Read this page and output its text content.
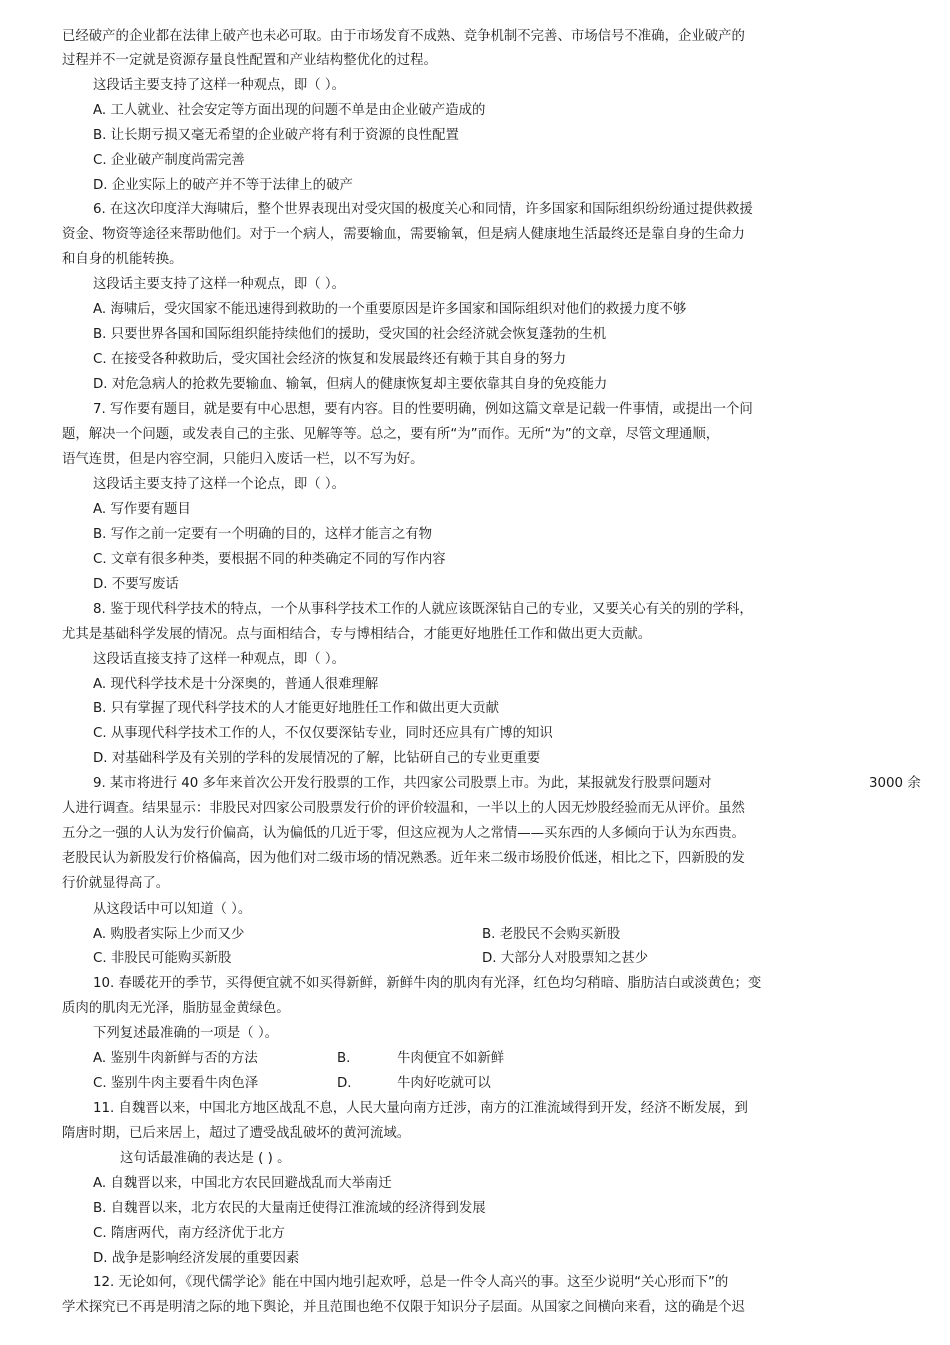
已经破产的企业都在法律上破产也未必可取。由于市场发育不成熟、竞争机制不完善、市场信号不准确，企业破产的
过程并不一定就是资源存量良性配置和产业结构整优化的过程。
这段话主要支持了这样一种观点，即（ ）。
A. 工人就业、社会安定等方面出现的问题不单是由企业破产造成的
B. 让长期亏损又毫无希望的企业破产将有利于资源的良性配置
C. 企业破产制度尚需完善
D. 企业实际上的破产并不等于法律上的破产
6. 在这次印度洋大海啸后，整个世界表现出对受灾国的极度关心和同情，许多国家和国际组织纷纷通过提供救援
资金、物资等途径来帮助他们。对于一个病人，需要输血，需要输氧，但是病人健康地生活最终还是靠自身的生命力
和自身的机能转换。
这段话主要支持了这样一种观点，即（ ）。
A. 海啸后，受灾国家不能迅速得到救助的一个重要原因是许多国家和国际组织对他们的救援力度不够
B. 只要世界各国和国际组织能持续他们的援助，受灾国的社会经济就会恢复蓬勃的生机
C. 在接受各种救助后，受灾国社会经济的恢复和发展最终还有赖于其自身的努力
D. 对危急病人的抢救先要输血、输氧，但病人的健康恢复却主要依靠其自身的免疫能力
7. 写作要有题目，就是要有中心思想，要有内容。目的性要明确，例如这篇文章是记载一件事情，或提出一个问
题，解决一个问题，或发表自己的主张、见解等等。总之，要有所“为”而作。无所“为”的文章，尽管文理通顺，
语气连贯，但是内容空洞，只能归入废话一栏，以不写为好。
这段话主要支持了这样一个论点，即（ ）。
A. 写作要有题目
B. 写作之前一定要有一个明确的目的，这样才能言之有物
C. 文章有很多种类，要根据不同的种类确定不同的写作内容
D. 不要写废话
8. 鉴于现代科学技术的特点，一个从事科学技术工作的人就应该既深钻自己的专业，又要关心有关的别的学科，
尤其是基础科学发展的情况。点与面相结合，专与博相结合，才能更好地胜任工作和做出更大贡献。
这段话直接支持了这样一种观点，即（ ）。
A. 现代科学技术是十分深奥的，普通人很难理解
B. 只有掌握了现代科学技术的人才能更好地胜任工作和做出更大贡献
C. 从事现代科学技术工作的人，不仅仅要深钻专业，同时还应具有广博的知识
D. 对基础科学及有关别的学科的发展情况的了解，比钻研自己的专业更重要
9. 某市将进行 40 多年来首次公开发行股票的工作，共四家公司股票上市。为此，某报就发行股票问题对	3000 余
人进行调查。结果显示：非股民对四家公司股票发行价的评价较温和，一半以上的人因无炒股经验而无从评价。虽然
五分之一强的人认为发行价偏高，认为偏低的几近于零，但这应视为人之常情——买东西的人多倾向于认为东西贵。
老股民认为新股发行价格偏高，因为他们对二级市场的情况熟悉。近年来二级市场股价低迷，相比之下，四新股的发
行价就显得高了。
从这段话中可以知道（ ）。
A. 购股者实际上少而又少	B. 老股民不会购买新股
C. 非股民可能购买新股	D. 大部分人对股票知之甚少
10. 春暖花开的季节，买得便宜就不如买得新鲜，新鲜牛肉的肌肉有光泽，红色均匀稍暗、脂肪洁白或淡黄色；变
质肉的肌肉无光泽，脂肪显金黄绿色。
下列复述最准确的一项是（ ）。
A. 鉴别牛肉新鲜与否的方法	B.	牛肉便宜不如新鲜
C. 鉴别牛肉主要看牛肉色泽	D.	牛肉好吃就可以
11. 自魏晋以来，中国北方地区战乱不息，人民大量向南方迁涉，南方的江淮流域得到开发，经济不断发展，到
隋唐时期，已后来居上，超过了遭受战乱破坏的黄河流域。
这句话最准确的表达是 ( ) 。
A. 自魏晋以来，中国北方农民回避战乱而大举南迁
B. 自魏晋以来，北方农民的大量南迁使得江淮流域的经济得到发展
C. 隋唐两代，南方经济优于北方
D. 战争是影响经济发展的重要因素
12. 无论如何，《现代儒学论》能在中国内地引起欢呼，总是一件令人高兴的事。这至少说明“关心形而下”的
学术探究已不再是明清之际的地下舆论，并且范围也绝不仅限于知识分子层面。从国家之间横向来看，这的确是个迟
